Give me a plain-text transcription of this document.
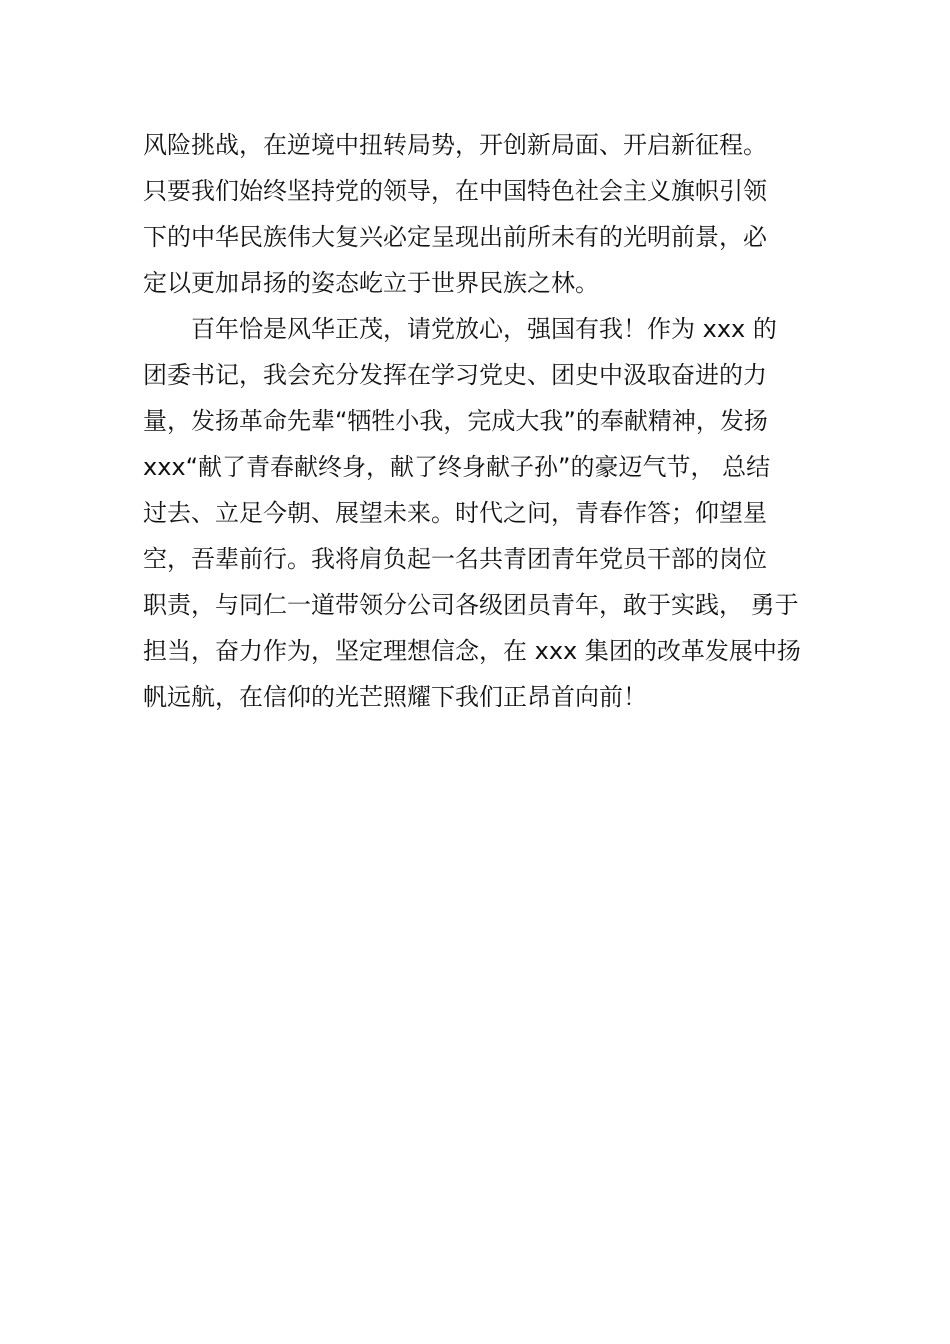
风险挑战，在逆境中扭转局势，开创新局面、开启新征程。
只要我们始终坚持党的领导，在中国特色社会主义旗帜引领
下的中华民族伟大复兴必定呈现出前所未有的光明前景，必
定以更加昂扬的姿态屹立于世界民族之林。
百年恰是风华正茂，请党放心，强国有我！作为 xxx 的
团委书记，我会充分发挥在学习党史、团史中汲取奋进的力
量，发扬革命先辈“牺牲小我，完成大我”的奉献精神，发扬
xxx“献了青春献终身，献了终身献子孙”的豪迈气节， 总结
过去、立足今朝、展望未来。时代之问，青春作答；仰望星
空，吾辈前行。我将肩负起一名共青团青年党员干部的岗位
职责，与同仁一道带领分公司各级团员青年，敢于实践， 勇于
担当，奋力作为，坚定理想信念，在 xxx 集团的改革发展中扬
帆远航，在信仰的光芒照耀下我们正昂首向前！
